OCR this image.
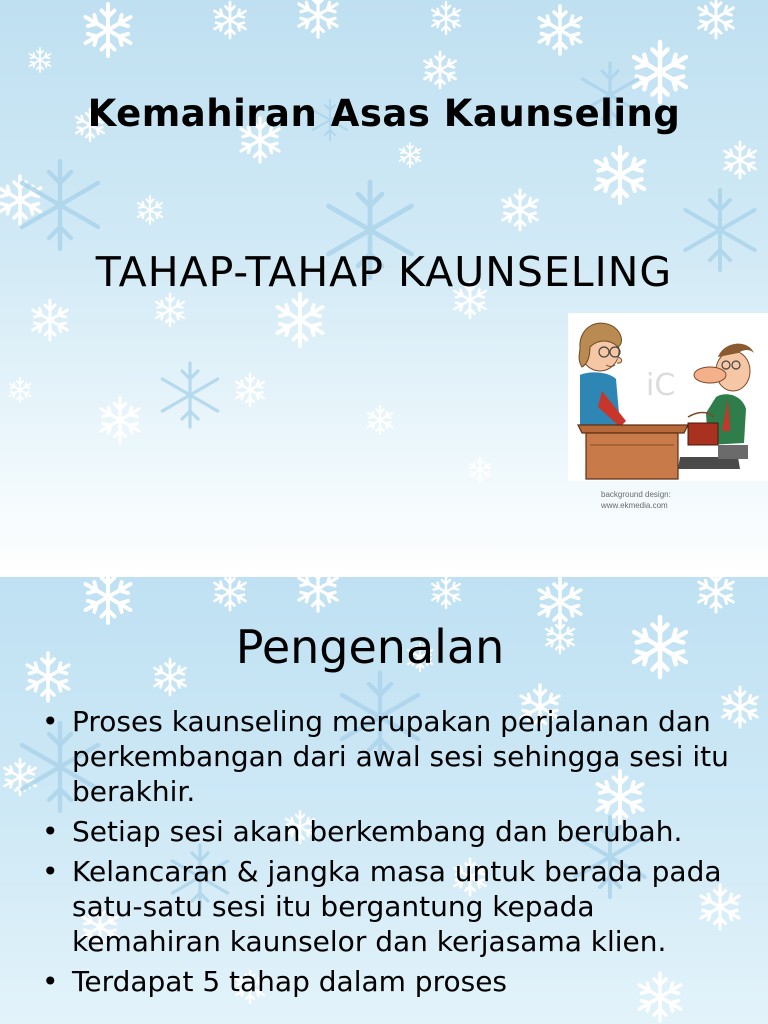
Kemahiran Asas Kaunseling
TAHAP-TAHAP KAUNSELING
iC
background design:
www.ekmedia.com
Pengenalan
• Proses kaunseling merupakan perjalanan dan perkembangan dari awal sesi sehingga sesi itu berakhir.
• Setiap sesi akan berkembang dan berubah.
• Kelancaran & jangka masa untuk berada pada satu-satu sesi itu bergantung kepada kemahiran kaunselor dan kerjasama klien.
• Terdapat 5 tahap dalam proses
